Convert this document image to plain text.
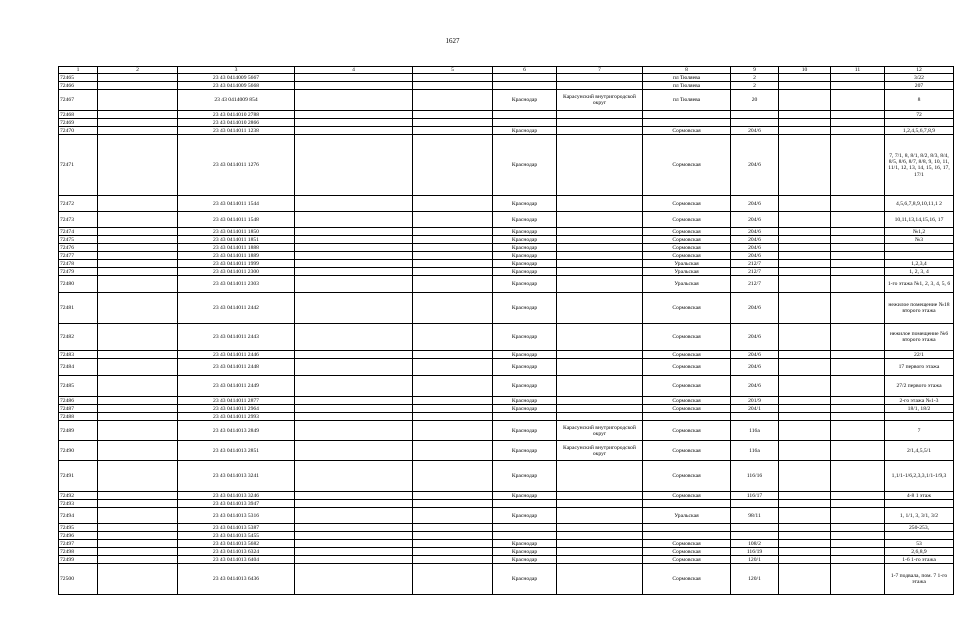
1627
1	2	3	4	5	6	7	8	9	10	11	12
72465		23 43 0414009 5667					пл Тюляева	2			3/22
72466		23 43 0414009 5668					пл Тюляева	2			207
72467		23 43 0414009 854			Краснодар	Карасунский внутригородской округ	пл Тюляева	20			8
72468		23 43 0414010 2788									72
72469		23 43 0414010 2866									
72470		23 43 0414011 1238			Краснодар		Сормовская	204/6			1,2,4,5,6,7,8,9
72471		23 43 0414011 1276			Краснодар		Сормовская	204/6			7, 7/1, 8, 8/1, 8/2, 8/3, 8/4, 8/5, 8/6, 8/7, 8/8, 9, 10, 11, 11/1, 12, 13, 14, 15, 16, 17, 17/1
72472		23 43 0414011 1544			Краснодар		Сормовская	204/6			4,5,6,7,8,9,10,11,1 2
72473		23 43 0414011 1548			Краснодар		Сормовская	204/6			10,11,13,14,15,16, 17
72474		23 43 0414011 1850			Краснодар		Сормовская	204/6			№1,2
72475		23 43 0414011 1851			Краснодар		Сормовская	204/6			№3
72476		23 43 0414011 1888			Краснодар		Сормовская	204/6			
72477		23 43 0414011 1889			Краснодар		Сормовская	204/6			
72478		23 43 0414011 1999			Краснодар		Уральская	212/7			1,2,3,4
72479		23 43 0414011 2300			Краснодар		Уральская	212/7			1, 2, 3, 4
72480		23 43 0414011 2303			Краснодар		Уральская	212/7			1-го этажа №1, 2, 3, 4, 5, 6
72481		23 43 0414011 2442			Краснодар		Сормовская	204/6			нежилое помещение №18 второго этажа
72482		23 43 0414011 2443			Краснодар		Сормовская	204/6			нежилое помещение №6 второго этажа
72483		23 43 0414011 2446			Краснодар		Сормовская	204/6			22/1
72484		23 43 0414011 2448			Краснодар		Сормовская	204/6			17 первого этажа
72485		23 43 0414011 2449			Краснодар		Сормовская	204/6			27/2 первого этажа
72486		23 43 0414011 2877			Краснодар		Сормовская	201/9			2-го этажа №1-3
72487		23 43 0414011 2964			Краснодар		Сормовская	204/1			18/1, 18/2
72488		23 43 0414011 2993									
72489		23 43 0414013 2849			Краснодар	Карасунский внутригородской округ	Сормовская	116а			7
72490		23 43 0414013 2851			Краснодар	Карасунский внутригородской округ	Сормовская	116а			2/1,4,5,5/1
72491		23 43 0414013 3241			Краснодар		Сормовская	116/16			1,1/1-1/6,2,3,3,1/1-1/9,3
72492		23 43 0414013 3246			Краснодар		Сормовская	116/17			4-8 1 этаж
72493		23 43 0414013 3947									
72494		23 43 0414013 5316			Краснодар		Уральская	98/11			1, 1/1, 3, 3/1, 3/2
72495		23 43 0414013 5387									250-253,
72496		23 43 0414013 5455									
72497		23 43 0414013 5682			Краснодар		Сормовская	108/2			53
72498		23 43 0414013 6324			Краснодар		Сормовская	116/19			2,6,8,9
72499		23 43 0414013 6404			Краснодар		Сормовская	120/1			1-6 1-го этажа
72500		23 43 0414013 6436			Краснодар		Сормовская	120/1			1-7 подвала, пом. 7 1-го этажа
